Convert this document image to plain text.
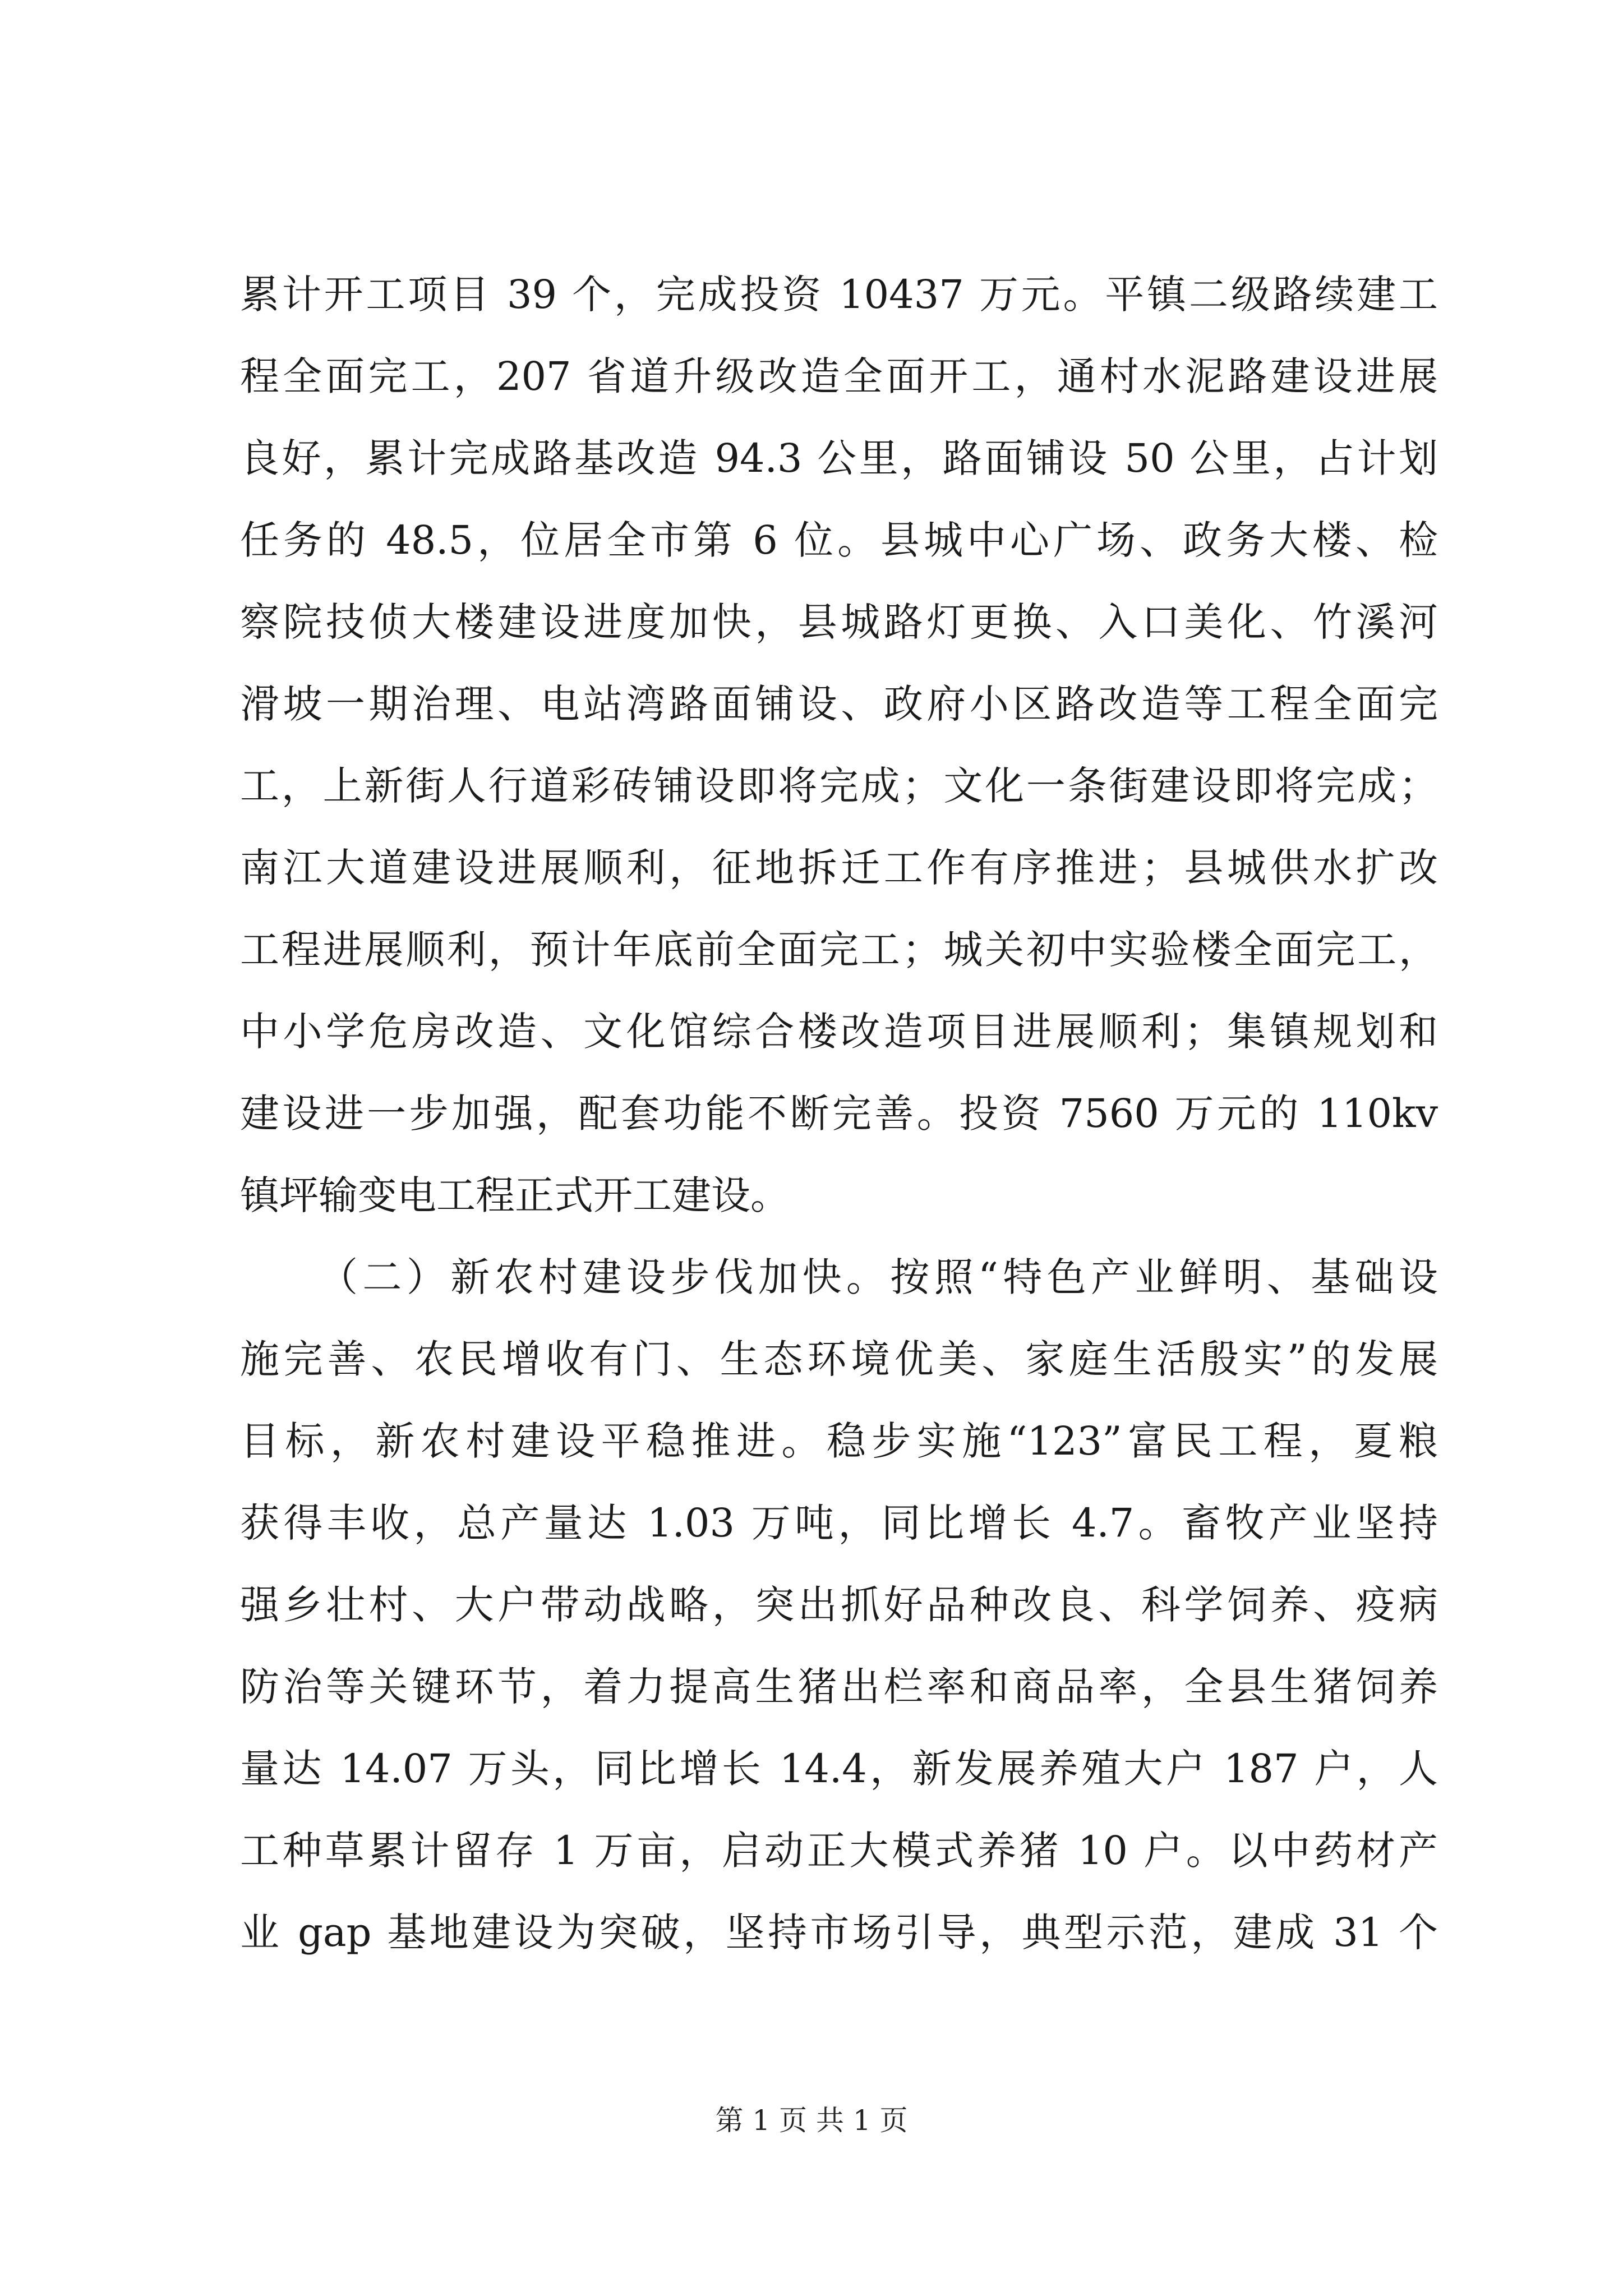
累计开工项目 39 个，完成投资 10437 万元。平镇二级路续建工
程全面完工，207 省道升级改造全面开工，通村水泥路建设进展
良好，累计完成路基改造 94.3 公里，路面铺设 50 公里，占计划
任务的 48.5，位居全市第 6 位。县城中心广场、政务大楼、检
察院技侦大楼建设进度加快，县城路灯更换、入口美化、竹溪河
滑坡一期治理、电站湾路面铺设、政府小区路改造等工程全面完
工，上新街人行道彩砖铺设即将完成；文化一条街建设即将完成；
南江大道建设进展顺利，征地拆迁工作有序推进；县城供水扩改
工程进展顺利，预计年底前全面完工；城关初中实验楼全面完工，
中小学危房改造、文化馆综合楼改造项目进展顺利；集镇规划和
建设进一步加强，配套功能不断完善。投资 7560 万元的 110kv
镇坪输变电工程正式开工建设。
（二）新农村建设步伐加快。按照“特色产业鲜明、基础设
施完善、农民增收有门、生态环境优美、家庭生活殷实”的发展
目标，新农村建设平稳推进。稳步实施“123”富民工程，夏粮
获得丰收，总产量达 1.03 万吨，同比增长 4.7。畜牧产业坚持
强乡壮村、大户带动战略，突出抓好品种改良、科学饲养、疫病
防治等关键环节，着力提高生猪出栏率和商品率，全县生猪饲养
量达 14.07 万头，同比增长 14.4，新发展养殖大户 187 户，人
工种草累计留存 1 万亩，启动正大模式养猪 10 户。以中药材产
业 gap 基地建设为突破，坚持市场引导，典型示范，建成 31 个
第 1 页 共 1 页
